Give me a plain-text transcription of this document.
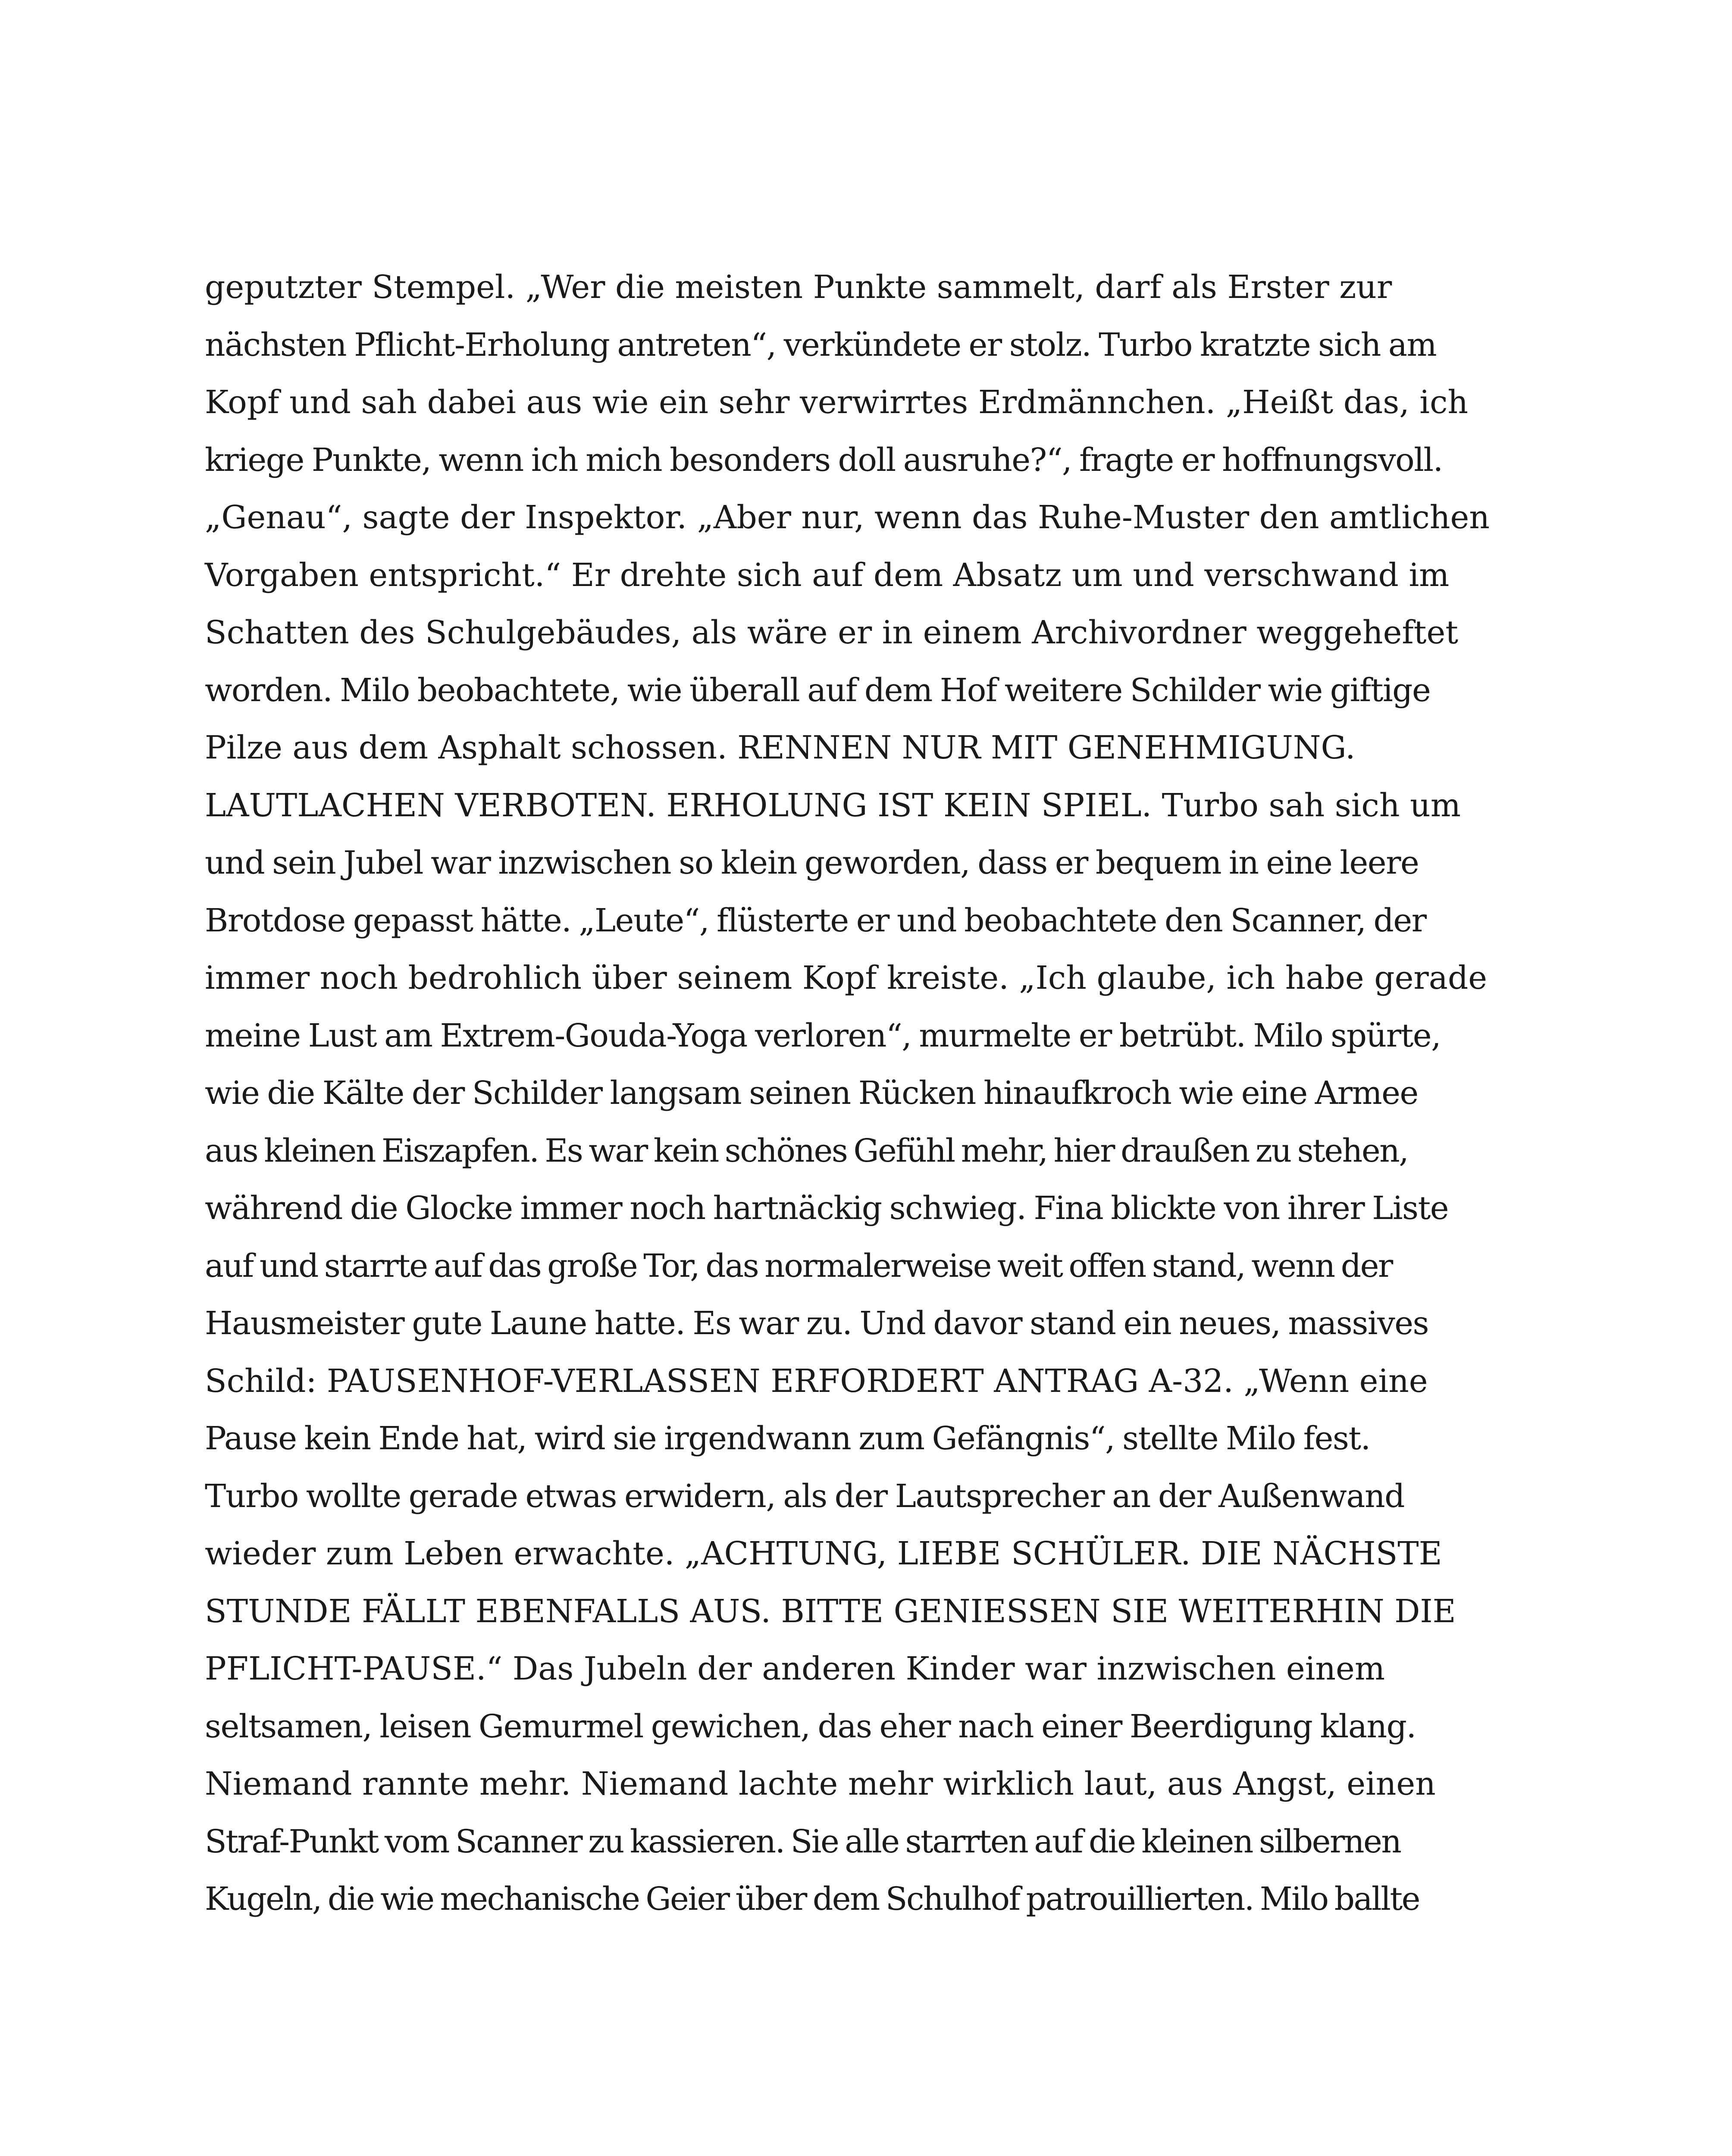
geputzter Stempel. „Wer die meisten Punkte sammelt, darf als Erster zur
nächsten Pflicht-Erholung antreten“, verkündete er stolz. Turbo kratzte sich am
Kopf und sah dabei aus wie ein sehr verwirrtes Erdmännchen. „Heißt das, ich
kriege Punkte, wenn ich mich besonders doll ausruhe?“, fragte er hoffnungsvoll.
„Genau“, sagte der Inspektor. „Aber nur, wenn das Ruhe-Muster den amtlichen
Vorgaben entspricht.“ Er drehte sich auf dem Absatz um und verschwand im
Schatten des Schulgebäudes, als wäre er in einem Archivordner weggeheftet
worden. Milo beobachtete, wie überall auf dem Hof weitere Schilder wie giftige
Pilze aus dem Asphalt schossen. RENNEN NUR MIT GENEHMIGUNG.
LAUTLACHEN VERBOTEN. ERHOLUNG IST KEIN SPIEL. Turbo sah sich um
und sein Jubel war inzwischen so klein geworden, dass er bequem in eine leere
Brotdose gepasst hätte. „Leute“, flüsterte er und beobachtete den Scanner, der
immer noch bedrohlich über seinem Kopf kreiste. „Ich glaube, ich habe gerade
meine Lust am Extrem-Gouda-Yoga verloren“, murmelte er betrübt. Milo spürte,
wie die Kälte der Schilder langsam seinen Rücken hinaufkroch wie eine Armee
aus kleinen Eiszapfen. Es war kein schönes Gefühl mehr, hier draußen zu stehen,
während die Glocke immer noch hartnäckig schwieg. Fina blickte von ihrer Liste
auf und starrte auf das große Tor, das normalerweise weit offen stand, wenn der
Hausmeister gute Laune hatte. Es war zu. Und davor stand ein neues, massives
Schild: PAUSENHOF-VERLASSEN ERFORDERT ANTRAG A-32. „Wenn eine
Pause kein Ende hat, wird sie irgendwann zum Gefängnis“, stellte Milo fest.
Turbo wollte gerade etwas erwidern, als der Lautsprecher an der Außenwand
wieder zum Leben erwachte. „ACHTUNG, LIEBE SCHÜLER. DIE NÄCHSTE
STUNDE FÄLLT EBENFALLS AUS. BITTE GENIESSEN SIE WEITERHIN DIE
PFLICHT-PAUSE.“ Das Jubeln der anderen Kinder war inzwischen einem
seltsamen, leisen Gemurmel gewichen, das eher nach einer Beerdigung klang.
Niemand rannte mehr. Niemand lachte mehr wirklich laut, aus Angst, einen
Straf-Punkt vom Scanner zu kassieren. Sie alle starrten auf die kleinen silbernen
Kugeln, die wie mechanische Geier über dem Schulhof patrouillierten. Milo ballte
